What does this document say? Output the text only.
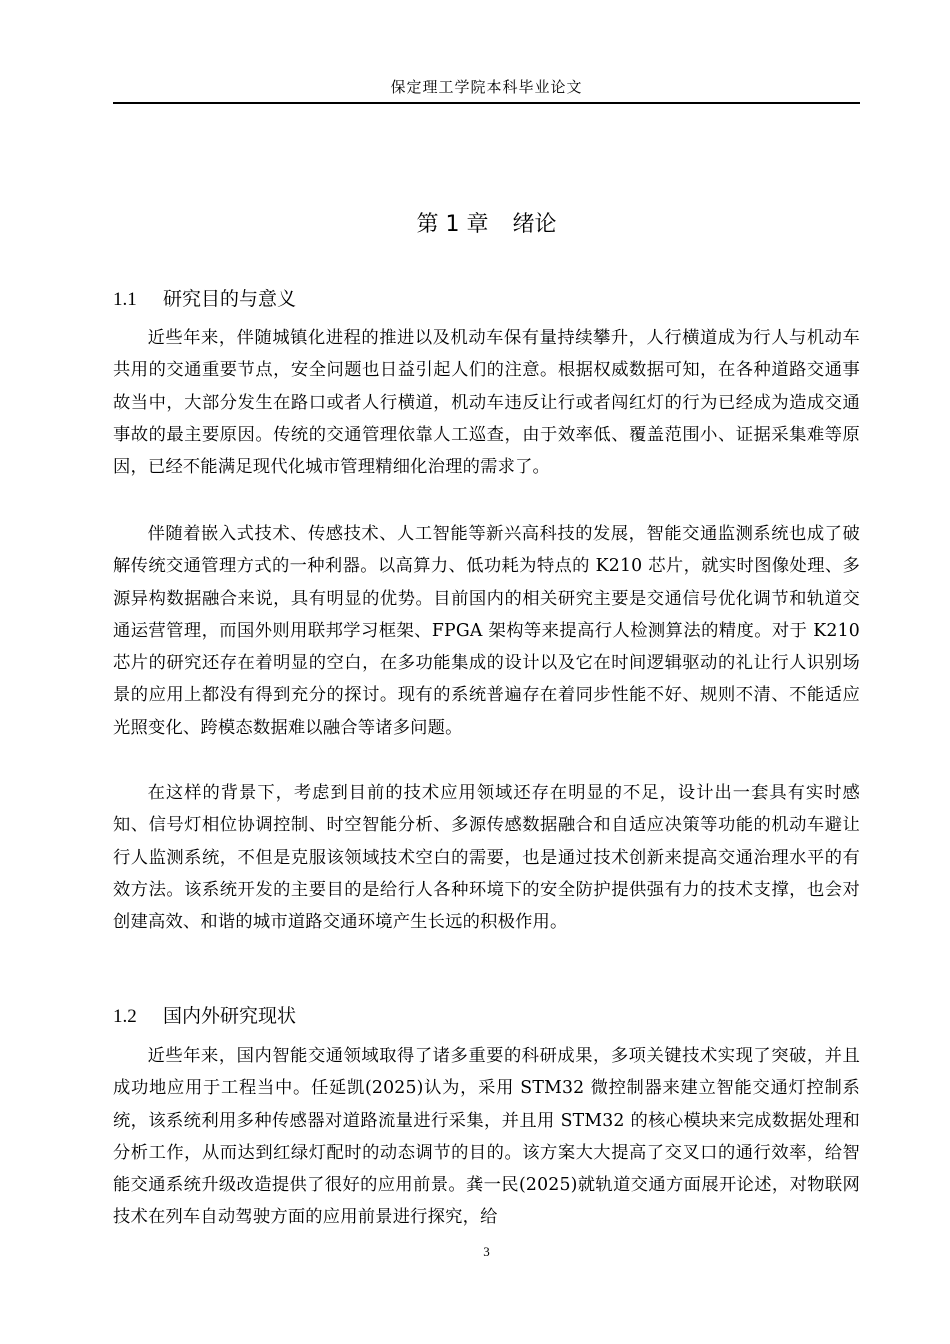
保定理工学院本科毕业论文
第 1 章 绪论
1.1 研究目的与意义

近些年来，伴随城镇化进程的推进以及机动车保有量持续攀升，人行横道成为行人与机动车共用的交通重要节点，安全问题也日益引起人们的注意。根据权威数据可知，在各种道路交通事故当中，大部分发生在路口或者人行横道，机动车违反让行或者闯红灯的行为已经成为造成交通事故的最主要原因。传统的交通管理依靠人工巡查，由于效率低、覆盖范围小、证据采集难等原因，已经不能满足现代化城市管理精细化治理的需求了。

伴随着嵌入式技术、传感技术、人工智能等新兴高科技的发展，智能交通监测系统也成了破解传统交通管理方式的一种利器。以高算力、低功耗为特点的 K210 芯片，就实时图像处理、多源异构数据融合来说，具有明显的优势。目前国内的相关研究主要是交通信号优化调节和轨道交通运营管理，而国外则用联邦学习框架、FPGA 架构等来提高行人检测算法的精度。对于 K210 芯片的研究还存在着明显的空白，在多功能集成的设计以及它在时间逻辑驱动的礼让行人识别场景的应用上都没有得到充分的探讨。现有的系统普遍存在着同步性能不好、规则不清、不能适应光照变化、跨模态数据难以融合等诸多问题。

在这样的背景下，考虑到目前的技术应用领域还存在明显的不足，设计出一套具有实时感知、信号灯相位协调控制、时空智能分析、多源传感数据融合和自适应决策等功能的机动车避让行人监测系统，不但是克服该领域技术空白的需要，也是通过技术创新来提高交通治理水平的有效方法。该系统开发的主要目的是给行人各种环境下的安全防护提供强有力的技术支撑，也会对创建高效、和谐的城市道路交通环境产生长远的积极作用。

1.2 国内外研究现状

近些年来，国内智能交通领域取得了诸多重要的科研成果，多项关键技术实现了突破，并且成功地应用于工程当中。任延凯(2025)认为，采用 STM32 微控制器来建立智能交通灯控制系统，该系统利用多种传感器对道路流量进行采集，并且用 STM32 的核心模块来完成数据处理和分析工作，从而达到红绿灯配时的动态调节的目的。该方案大大提高了交叉口的通行效率，给智能交通系统升级改造提供了很好的应用前景。龚一民(2025)就轨道交通方面展开论述，对物联网技术在列车自动驾驶方面的应用前景进行探究，给

3
